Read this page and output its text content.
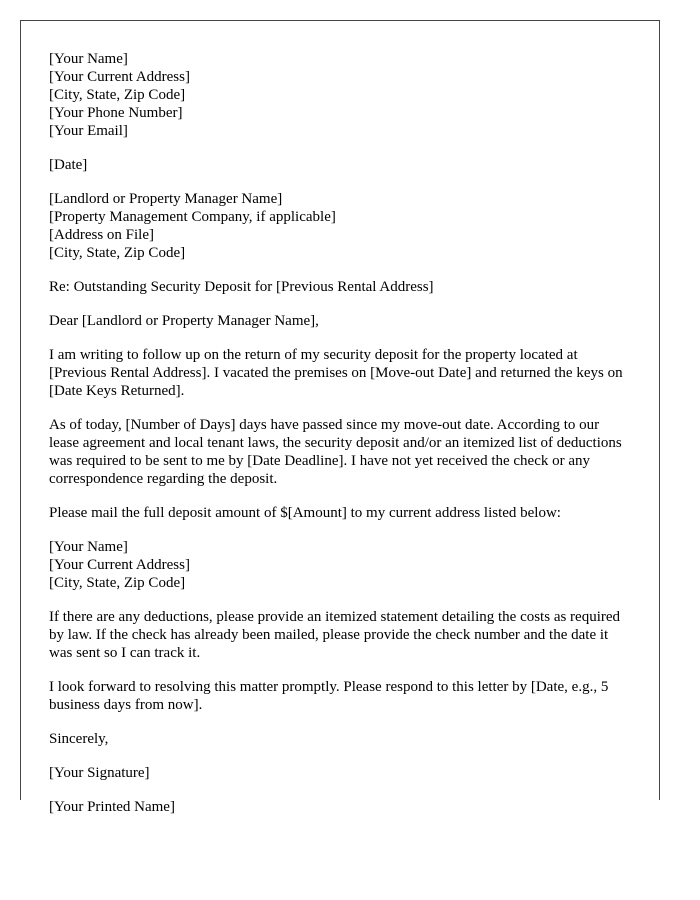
[Your Name]
[Your Current Address]
[City, State, Zip Code]
[Your Phone Number]
[Your Email]
[Date]
[Landlord or Property Manager Name]
[Property Management Company, if applicable]
[Address on File]
[City, State, Zip Code]
Re: Outstanding Security Deposit for [Previous Rental Address]
Dear [Landlord or Property Manager Name],

I am writing to follow up on the return of my security deposit for the property located at [Previous Rental Address]. I vacated the premises on [Move-out Date] and returned the keys on [Date Keys Returned].

As of today, [Number of Days] days have passed since my move-out date. According to our lease agreement and local tenant laws, the security deposit and/or an itemized list of deductions was required to be sent to me by [Date Deadline]. I have not yet received the check or any correspondence regarding the deposit.

Please mail the full deposit amount of $[Amount] to my current address listed below:

[Your Name]
[Your Current Address]
[City, State, Zip Code]

If there are any deductions, please provide an itemized statement detailing the costs as required by law. If the check has already been mailed, please provide the check number and the date it was sent so I can track it.

I look forward to resolving this matter promptly. Please respond to this letter by [Date, e.g., 5 business days from now].

Sincerely,
[Your Signature]
[Your Printed Name]
